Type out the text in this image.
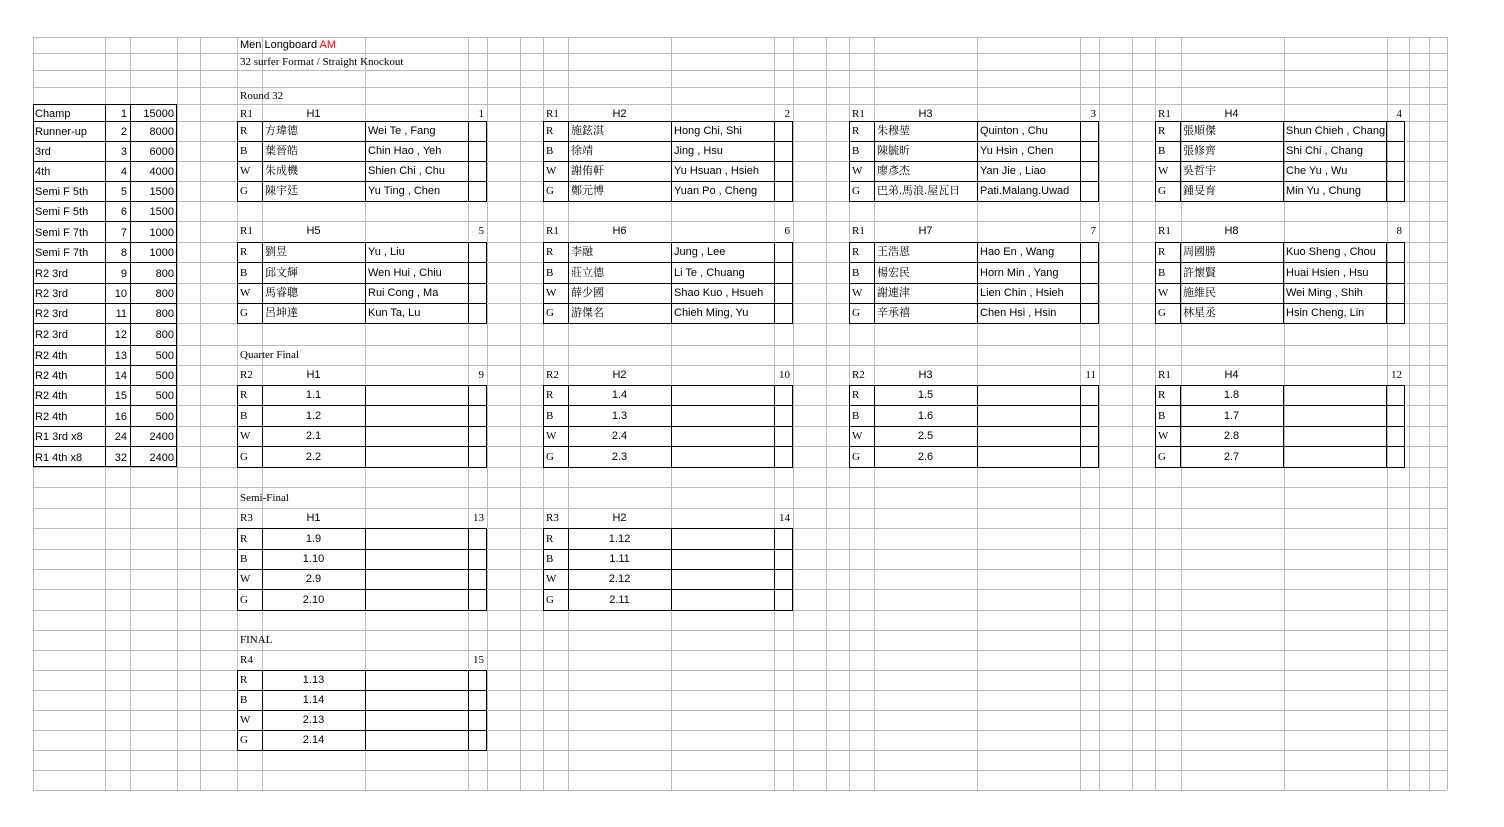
Men Longboard AM
32 surfer Format / Straight Knockout
Round 32
Quarter Final
Semi-Final
FINAL
Champ	1	15000
Runner-up	2	8000
3rd	3	6000
4th	4	4000
Semi F 5th	5	1500
Semi F 5th	6	1500
Semi F 7th	7	1000
Semi F 7th	8	1000
R2 3rd	9	800
R2 3rd	10	800
R2 3rd	11	800
R2 3rd	12	800
R2 4th	13	500
R2 4th	14	500
R2 4th	15	500
R2 4th	16	500
R1 3rd x8	24	2400
R1 4th x8	32	2400
R1	H1	1
R 方瑋德	Wei Te , Fang
B 葉晉皓	Chin Hao , Yeh
W 朱成機	Shien Chi , Chu
G 陳宇廷	Yu Ting , Chen
R1	H2	2
R 施鉉淇	Hong Chi, Shi
B 徐靖	Jing , Hsu
W 謝侑軒	Yu Hsuan , Hsieh
G 鄭元博	Yuan Po , Cheng
R1	H3	3
R 朱穆堃	Quinton , Chu
B 陳毓昕	Yu Hsin , Chen
W 廖彥杰	Yan Jie , Liao
G 巴弟.馬浪.屋瓦日 Pati.Malang.Uwad
R1	H4	4
R 張順傑	Shun Chieh , Chang
B 張修齊	Shi Chi , Chang
W 吳哲宇	Che Yu , Wu
G 鍾旻育	Min Yu , Chung
R1	H5	5
R 劉昱	Yu , Liu
B 邱文輝	Wen Hui , Chiu
W 馬睿聰	Rui Cong , Ma
G 呂坤達	Kun Ta, Lu
R1	H6	6
R 李融	Jung , Lee
B 莊立德	Li Te , Chuang
W 薛少國	Shao Kuo , Hsueh
G 游傑名	Chieh Ming, Yu
R1	H7	7
R 王浩恩	Hao En , Wang
B 楊宏民	Horn Min , Yang
W 謝連津	Lien Chin , Hsieh
G 辛承禧	Chen Hsi , Hsin
R1	H8	8
R 周國勝	Kuo Sheng , Chou
B 許懷賢	Huai Hsien , Hsu
W 施維民	Wei Ming , Shih
G 林星丞	Hsin Cheng, Lin
R2	H1	9
R	1.1
B	1.2
W	2.1
G	2.2
R2	H2	10
R	1.4
B	1.3
W	2.4
G	2.3
R2	H3	11
R	1.5
B	1.6
W	2.5
G	2.6
R1	H4	12
R	1.8
B	1.7
W	2.8
G	2.7
R3	H1	13
R	1.9
B	1.10
W	2.9
G	2.10
R3	H2	14
R	1.12
B	1.11
W	2.12
G	2.11
R4	15
R	1.13
B	1.14
W	2.13
G	2.14
